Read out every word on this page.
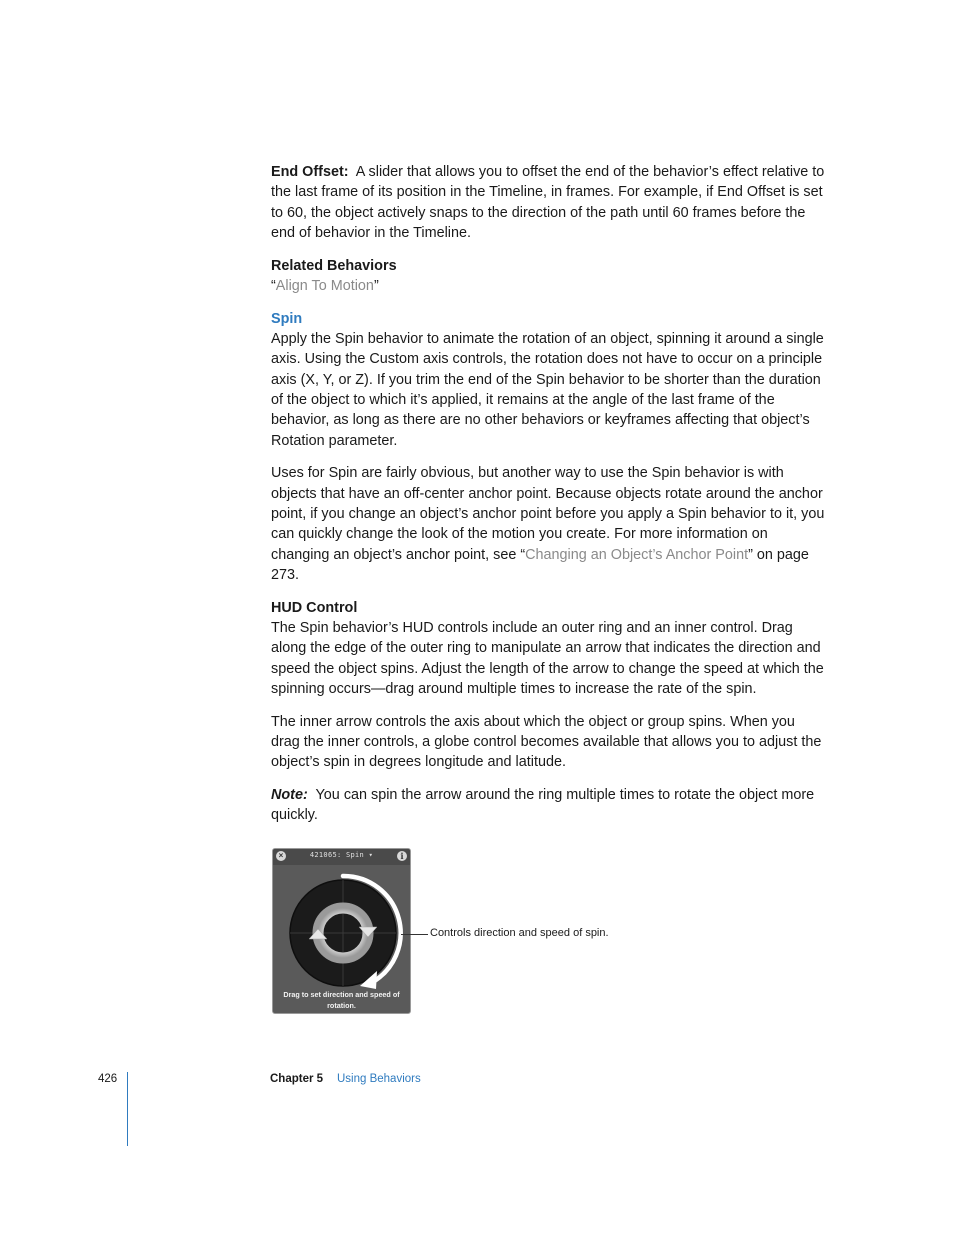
End Offset: A slider that allows you to offset the end of the behavior’s effect relative to the last frame of its position in the Timeline, in frames. For example, if End Offset is set to 60, the object actively snaps to the direction of the path until 60 frames before the end of behavior in the Timeline.

Related Behaviors
“Align To Motion”

Spin

Apply the Spin behavior to animate the rotation of an object, spinning it around a single axis. Using the Custom axis controls, the rotation does not have to occur on a principle axis (X, Y, or Z). If you trim the end of the Spin behavior to be shorter than the duration of the object to which it’s applied, it remains at the angle of the last frame of the behavior, as long as there are no other behaviors or keyframes affecting that object’s Rotation parameter.

Uses for Spin are fairly obvious, but another way to use the Spin behavior is with objects that have an off-center anchor point. Because objects rotate around the anchor point, if you change an object’s anchor point before you apply a Spin behavior to it, you can quickly change the look of the motion you create. For more information on changing an object’s anchor point, see “Changing an Object’s Anchor Point” on page 273.

HUD Control

The Spin behavior’s HUD controls include an outer ring and an inner control. Drag along the edge of the outer ring to manipulate an arrow that indicates the direction and speed the object spins. Adjust the length of the arrow to change the speed at which the spinning occurs—drag around multiple times to increase the rate of the spin.

The inner arrow controls the axis about which the object or group spins. When you drag the inner controls, a globe control becomes available that allows you to adjust the object’s spin in degrees longitude and latitude.

Note: You can spin the arrow around the ring multiple times to rotate the object more quickly.

×	421065: Spin ▾	i
Drag to set direction and speed of rotation.
Controls direction and speed of spin.
426	Chapter 5 Using Behaviors
